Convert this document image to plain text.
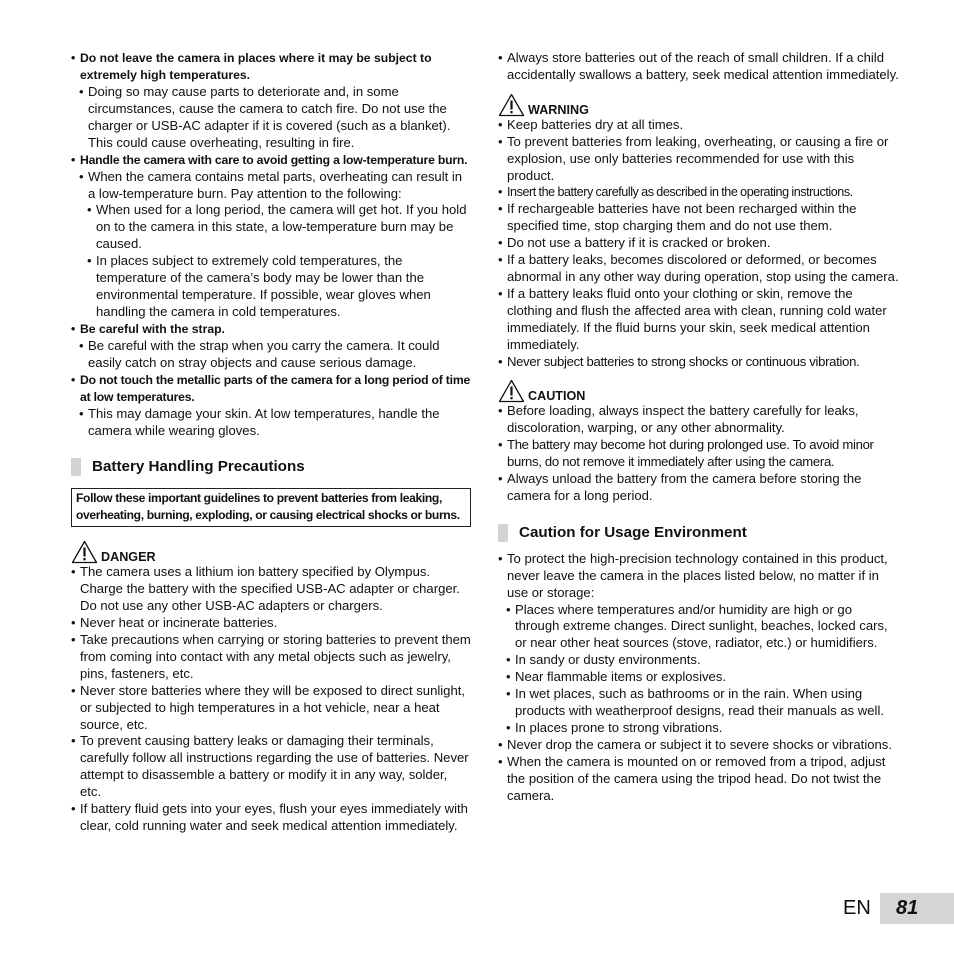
• Do not leave the camera in places where it may be subject to extremely high temperatures.

• Doing so may cause parts to deteriorate and, in some circumstances, cause the camera to catch fire. Do not use the charger or USB-AC adapter if it is covered (such as a blanket). This could cause overheating, resulting in fire.

• Handle the camera with care to avoid getting a low-temperature burn.

• When the camera contains metal parts, overheating can result in a low-temperature burn. Pay attention to the following:

• When used for a long period, the camera will get hot. If you hold on to the camera in this state, a low-temperature burn may be caused.

• In places subject to extremely cold temperatures, the temperature of the camera’s body may be lower than the environmental temperature. If possible, wear gloves when handling the camera in cold temperatures.

• Be careful with the strap.

• Be careful with the strap when you carry the camera. It could easily catch on stray objects and cause serious damage.

• Do not touch the metallic parts of the camera for a long period of time at low temperatures.

• This may damage your skin. At low temperatures, handle the camera while wearing gloves.

Battery Handling Precautions
Follow these important guidelines to prevent batteries from leaking, overheating, burning, exploding, or causing electrical shocks or burns.
DANGER

• The camera uses a lithium ion battery specified by Olympus. Charge the battery with the specified USB-AC adapter or charger. Do not use any other USB-AC adapters or chargers.

• Never heat or incinerate batteries.

• Take precautions when carrying or storing batteries to prevent them from coming into contact with any metal objects such as jewelry, pins, fasteners, etc.

• Never store batteries where they will be exposed to direct sunlight, or subjected to high temperatures in a hot vehicle, near a heat source, etc.

• To prevent causing battery leaks or damaging their terminals, carefully follow all instructions regarding the use of batteries. Never attempt to disassemble a battery or modify it in any way, solder, etc.

• If battery fluid gets into your eyes, flush your eyes immediately with clear, cold running water and seek medical attention immediately.

• Always store batteries out of the reach of small children. If a child accidentally swallows a battery, seek medical attention immediately.

WARNING

• Keep batteries dry at all times.

• To prevent batteries from leaking, overheating, or causing a fire or explosion, use only batteries recommended for use with this product.

• Insert the battery carefully as described in the operating instructions.

• If rechargeable batteries have not been recharged within the specified time, stop charging them and do not use them.

• Do not use a battery if it is cracked or broken.

• If a battery leaks, becomes discolored or deformed, or becomes abnormal in any other way during operation, stop using the camera.

• If a battery leaks fluid onto your clothing or skin, remove the clothing and flush the affected area with clean, running cold water immediately. If the fluid burns your skin, seek medical attention immediately.

• Never subject batteries to strong shocks or continuous vibration.

CAUTION

• Before loading, always inspect the battery carefully for leaks, discoloration, warping, or any other abnormality.

• The battery may become hot during prolonged use. To avoid minor burns, do not remove it immediately after using the camera.

• Always unload the battery from the camera before storing the camera for a long period.

Caution for Usage Environment

• To protect the high-precision technology contained in this product, never leave the camera in the places listed below, no matter if in use or storage:

• Places where temperatures and/or humidity are high or go through extreme changes. Direct sunlight, beaches, locked cars, or near other heat sources (stove, radiator, etc.) or humidifiers.

• In sandy or dusty environments.

• Near flammable items or explosives.

• In wet places, such as bathrooms or in the rain. When using products with weatherproof designs, read their manuals as well.

• In places prone to strong vibrations.

• Never drop the camera or subject it to severe shocks or vibrations.

• When the camera is mounted on or removed from a tripod, adjust the position of the camera using the tripod head. Do not twist the camera.

EN	81
